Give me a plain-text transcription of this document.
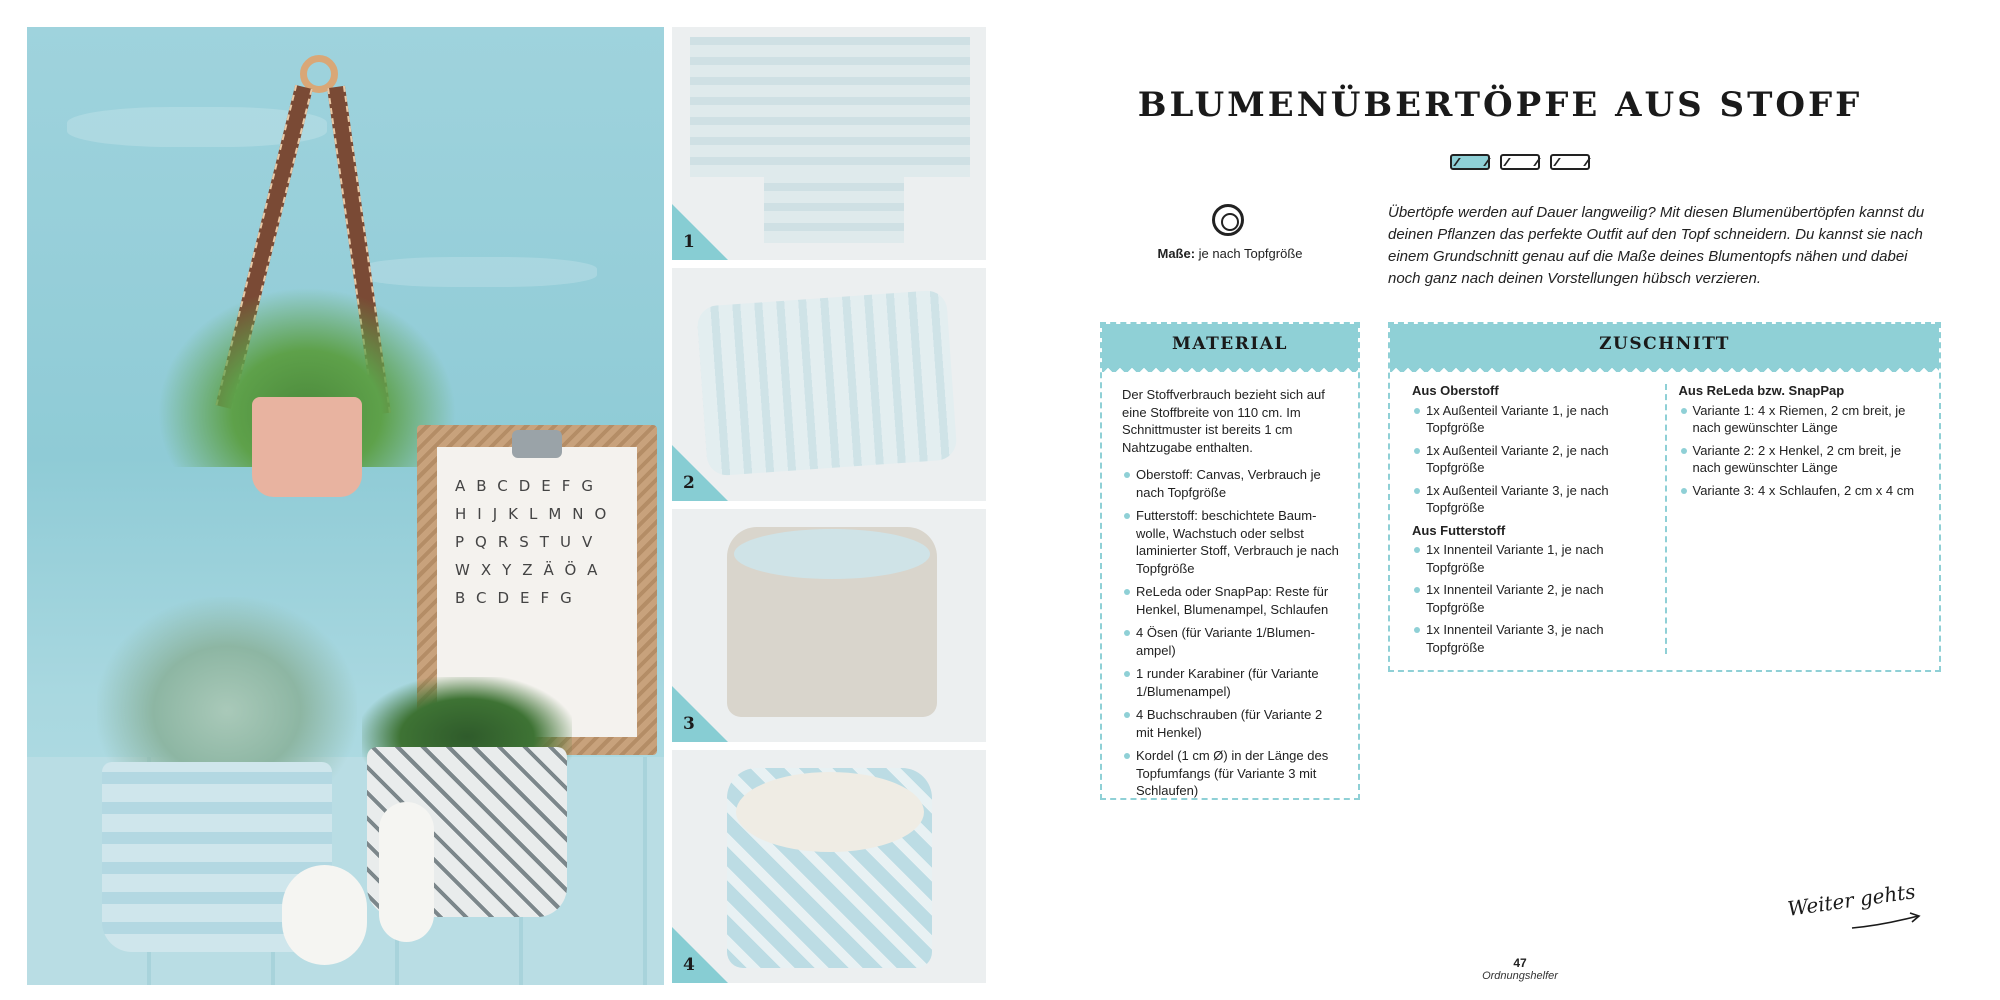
ABCDEFGHIJKLMNOPQRSTUVWXYZÄÖABCDEFG
1
2
3
4
BLUMENÜBERTÖPFE AUS STOFF
Maße: je nach Topfgröße

Übertöpfe werden auf Dauer langweilig? Mit diesen Blumenübertöpfen kannst du deinen Pflanzen das perfekte Outfit auf den Topf schneidern. Du kannst sie nach einem Grundschnitt genau auf die Maße deines Blumentopfs nähen und dabei noch ganz nach deinen Vorstellungen hübsch verzieren.

MATERIAL

Der Stoffverbrauch bezieht sich auf eine Stoffbreite von 110 cm. Im Schnittmuster ist bereits 1 cm Nahtzugabe enthalten.

Oberstoff: Canvas, Verbrauch je nach Topfgröße
Futterstoff: beschichtete Baum-wolle, Wachstuch oder selbst laminierter Stoff, Verbrauch je nach Topfgröße
ReLeda oder SnapPap: Reste für Henkel, Blumenampel, Schlaufen
4 Ösen (für Variante 1/Blumen-ampel)
1 runder Karabiner (für Variante 1/Blumenampel)
4 Buchschrauben (für Variante 2 mit Henkel)
Kordel (1 cm Ø) in der Länge des Topfumfangs (für Variante 3 mit Schlaufen)
ZUSCHNITT
Aus Oberstoff
1x Außenteil Variante 1, je nach Topfgröße
1x Außenteil Variante 2, je nach Topfgröße
1x Außenteil Variante 3, je nach Topfgröße
Aus Futterstoff
1x Innenteil Variante 1, je nach Topfgröße
1x Innenteil Variante 2, je nach Topfgröße
1x Innenteil Variante 3, je nach Topfgröße
Aus ReLeda bzw. SnapPap
Variante 1: 4 x Riemen, 2 cm breit, je nach gewünschter Länge
Variante 2: 2 x Henkel, 2 cm breit, je nach gewünschter Länge
Variante 3: 4 x Schlaufen, 2 cm x 4 cm
Weiter gehts
47
Ordnungshelfer
